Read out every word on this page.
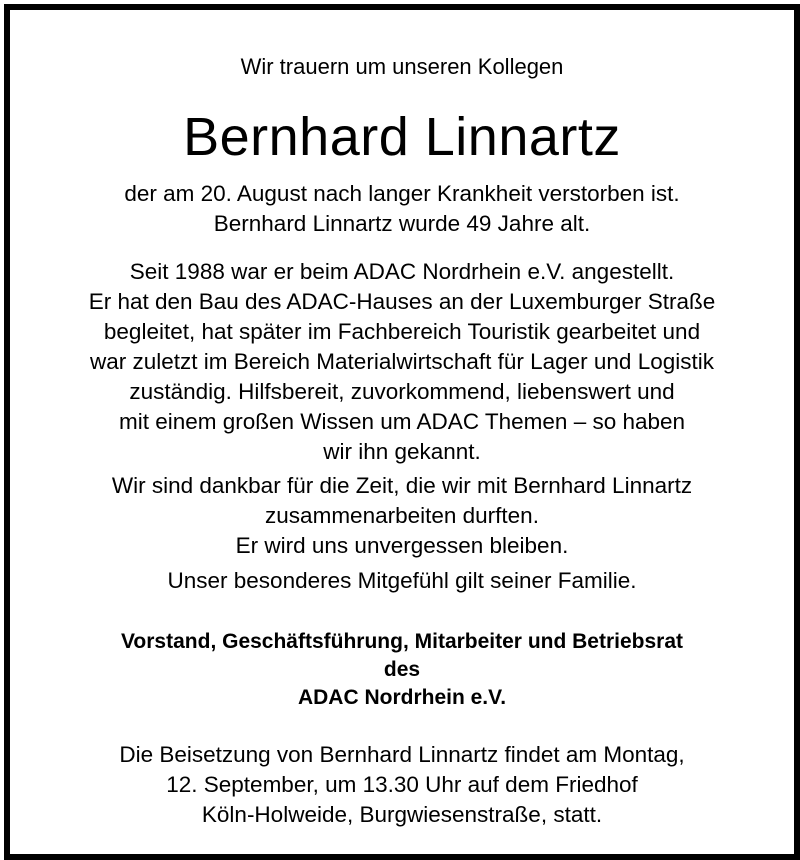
Wir trauern um unseren Kollegen
Bernhard Linnartz
der am 20. August nach langer Krankheit verstorben ist.
Bernhard Linnartz wurde 49 Jahre alt.
Seit 1988 war er beim ADAC Nordrhein e.V. angestellt.
Er hat den Bau des ADAC-Hauses an der Luxemburger Straße
begleitet, hat später im Fachbereich Touristik gearbeitet und
war zuletzt im Bereich Materialwirtschaft für Lager und Logistik
zuständig. Hilfsbereit, zuvorkommend, liebenswert und
mit einem großen Wissen um ADAC Themen – so haben
wir ihn gekannt.
Wir sind dankbar für die Zeit, die wir mit Bernhard Linnartz
zusammenarbeiten durften.
Er wird uns unvergessen bleiben.
Unser besonderes Mitgefühl gilt seiner Familie.
Vorstand, Geschäftsführung, Mitarbeiter und Betriebsrat
des
ADAC Nordrhein e.V.
Die Beisetzung von Bernhard Linnartz findet am Montag,
12. September, um 13.30 Uhr auf dem Friedhof
Köln-Holweide, Burgwiesenstraße, statt.
